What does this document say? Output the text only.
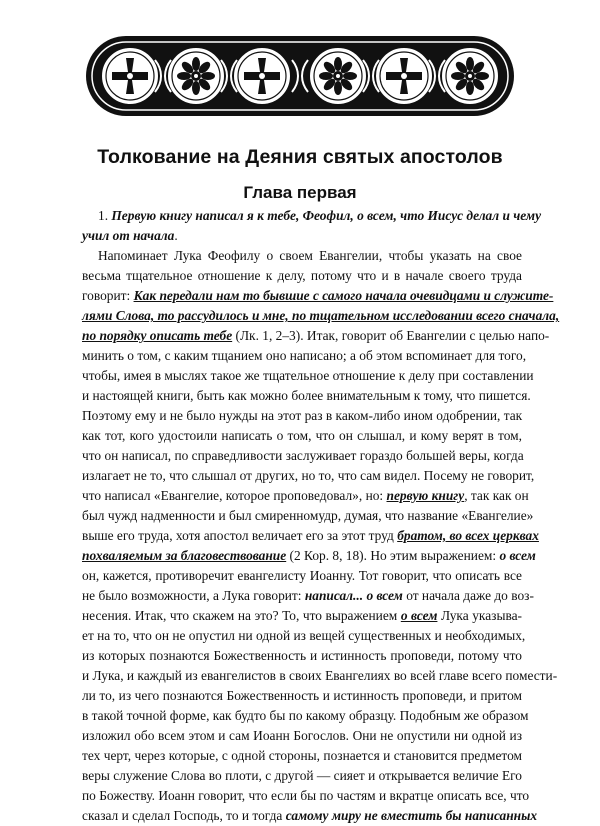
Толкование на Деяния святых апостолов
Глава первая
1. Первую книгу написал я к тебе, Феофил, о всем, что Иисус делал и чему
учил от начала.
Напоминает Лука Феофилу о своем Евангелии, чтобы указать на свое
весьма тщательное отношение к делу, потому что и в начале своего труда
говорит: Как передали нам то бывшие с самого начала очевидцами и служите-
лями Слова, то рассудилось и мне, по тщательном исследовании всего сначала,
по порядку описать тебе (Лк. 1, 2–3). Итак, говорит об Евангелии с целью напо-
минить о том, с каким тщанием оно написано; а об этом вспоминает для того,
чтобы, имея в мыслях такое же тщательное отношение к делу при составлении
и настоящей книги, быть как можно более внимательным к тому, что пишется.
Поэтому ему и не было нужды на этот раз в каком-либо ином одобрении, так
как тот, кого удостоили написать о том, что он слышал, и кому верят в том,
что он написал, по справедливости заслуживает гораздо большей веры, когда
излагает не то, что слышал от других, но то, что сам видел. Посему не говорит,
что написал «Евангелие, которое проповедовал», но: первую книгу, так как он
был чужд надменности и был смиренномудр, думая, что название «Евангелие»
выше его труда, хотя апостол величает его за этот труд братом, во всех церквах
похваляемым за благовествование (2 Кор. 8, 18). Но этим выражением: о всем
он, кажется, противоречит евангелисту Иоанну. Тот говорит, что описать все
не было возможности, а Лука говорит: написал... о всем от начала даже до воз-
несения. Итак, что скажем на это? То, что выражением о всем Лука указыва-
ет на то, что он не опустил ни одной из вещей существенных и необходимых,
из которых познаются Божественность и истинность проповеди, потому что
и Лука, и каждый из евангелистов в своих Евангелиях во всей главе всего помести-
ли то, из чего познаются Божественность и истинность проповеди, и притом
в такой точной форме, как будто бы по какому образцу. Подобным же образом
изложил обо всем этом и сам Иоанн Богослов. Они не опустили ни одной из
тех черт, через которые, с одной стороны, познается и становится предметом
веры служение Слова во плоти, с другой — сияет и открывается величие Его
по Божеству. Иоанн говорит, что если бы по частям и вкратце описать все, что
сказал и сделал Господь, то и тогда самому миру не вместить бы написанных
